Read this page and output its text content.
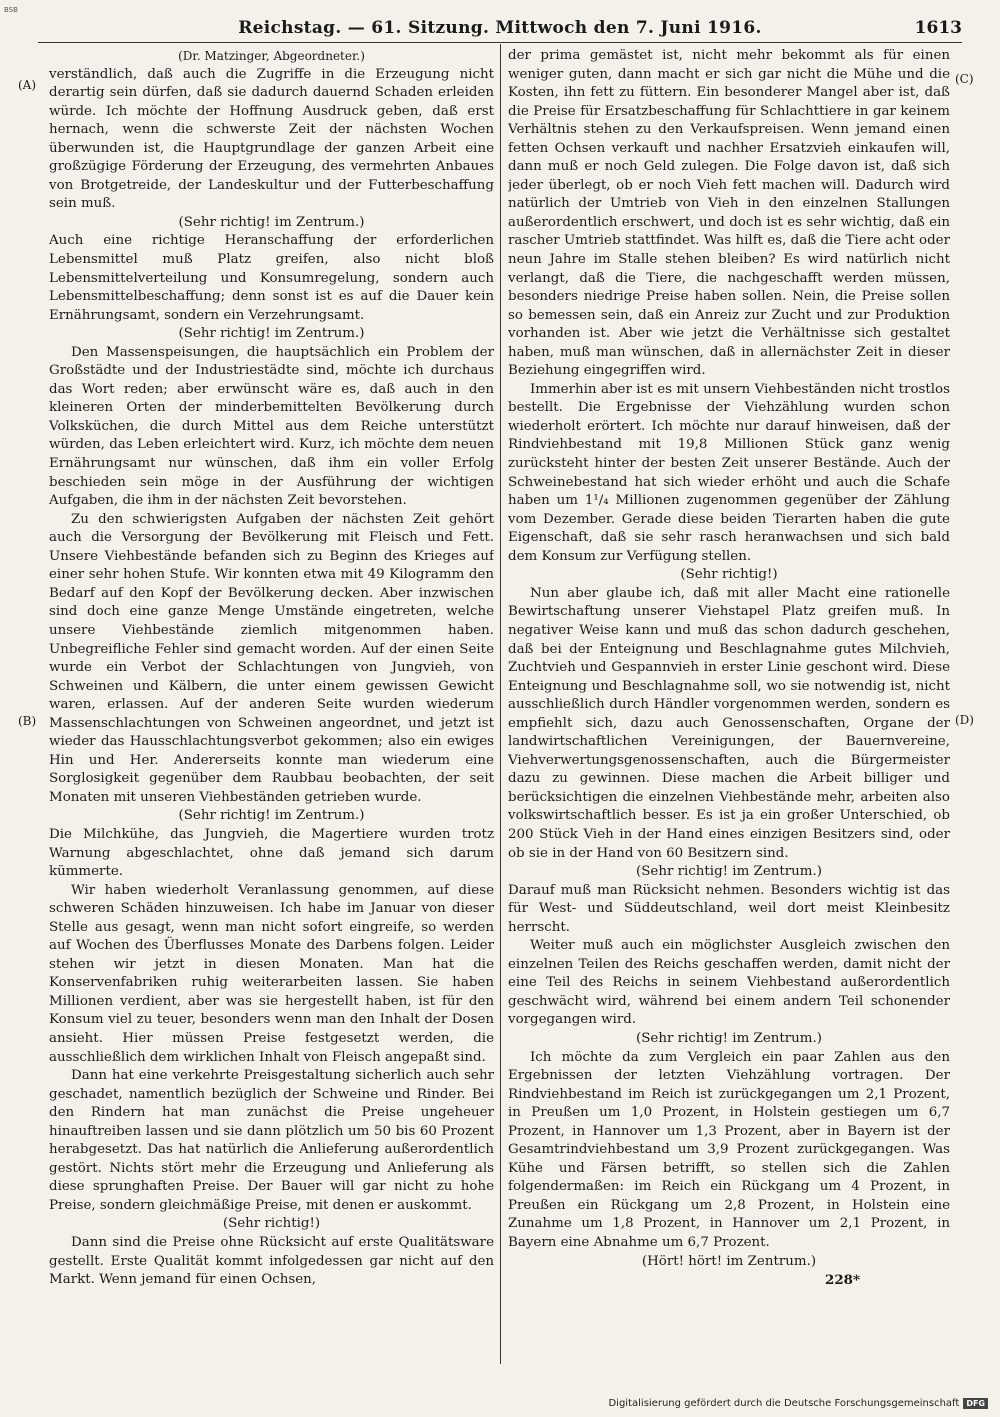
BSB
Reichstag. — 61. Sitzung. Mittwoch den 7. Juni 1916.	1613
(A)
(B)
(C)
(D)

(Dr. Matzinger, Abgeordneter.)

verständlich, daß auch die Zugriffe in die Erzeugung nicht derartig sein dürfen, daß sie dadurch dauernd Schaden erleiden würde. Ich möchte der Hoffnung Ausdruck geben, daß erst hernach, wenn die schwerste Zeit der nächsten Wochen überwunden ist, die Hauptgrundlage der ganzen Arbeit eine großzügige Förderung der Erzeugung, des vermehrten Anbaues von Brotgetreide, der Landeskultur und der Futterbeschaffung sein muß.

(Sehr richtig! im Zentrum.)

Auch eine richtige Heranschaffung der erforderlichen Lebensmittel muß Platz greifen, also nicht bloß Lebensmittelverteilung und Konsumregelung, sondern auch Lebensmittelbeschaffung; denn sonst ist es auf die Dauer kein Ernährungsamt, sondern ein Verzehrungsamt.

(Sehr richtig! im Zentrum.)

Den Massenspeisungen, die hauptsächlich ein Problem der Großstädte und der Industriestädte sind, möchte ich durchaus das Wort reden; aber erwünscht wäre es, daß auch in den kleineren Orten der minderbemittelten Bevölkerung durch Volksküchen, die durch Mittel aus dem Reiche unterstützt würden, das Leben erleichtert wird. Kurz, ich möchte dem neuen Ernährungsamt nur wünschen, daß ihm ein voller Erfolg beschieden sein möge in der Ausführung der wichtigen Aufgaben, die ihm in der nächsten Zeit bevorstehen.

Zu den schwierigsten Aufgaben der nächsten Zeit gehört auch die Versorgung der Bevölkerung mit Fleisch und Fett. Unsere Viehbestände befanden sich zu Beginn des Krieges auf einer sehr hohen Stufe. Wir konnten etwa mit 49 Kilogramm den Bedarf auf den Kopf der Bevölkerung decken. Aber inzwischen sind doch eine ganze Menge Umstände eingetreten, welche unsere Viehbestände ziemlich mitgenommen haben. Unbegreifliche Fehler sind gemacht worden. Auf der einen Seite wurde ein Verbot der Schlachtungen von Jungvieh, von Schweinen und Kälbern, die unter einem gewissen Gewicht waren, erlassen. Auf der anderen Seite wurden wiederum Massenschlachtungen von Schweinen angeordnet, und jetzt ist wieder das Hausschlachtungsverbot gekommen; also ein ewiges Hin und Her. Andererseits konnte man wiederum eine Sorglosigkeit gegenüber dem Raubbau beobachten, der seit Monaten mit unseren Viehbeständen getrieben wurde.

(Sehr richtig! im Zentrum.)

Die Milchkühe, das Jungvieh, die Magertiere wurden trotz Warnung abgeschlachtet, ohne daß jemand sich darum kümmerte.

Wir haben wiederholt Veranlassung genommen, auf diese schweren Schäden hinzuweisen. Ich habe im Januar von dieser Stelle aus gesagt, wenn man nicht sofort eingreife, so werden auf Wochen des Überflusses Monate des Darbens folgen. Leider stehen wir jetzt in diesen Monaten. Man hat die Konservenfabriken ruhig weiterarbeiten lassen. Sie haben Millionen verdient, aber was sie hergestellt haben, ist für den Konsum viel zu teuer, besonders wenn man den Inhalt der Dosen ansieht. Hier müssen Preise festgesetzt werden, die ausschließlich dem wirklichen Inhalt von Fleisch angepaßt sind.

Dann hat eine verkehrte Preisgestaltung sicherlich auch sehr geschadet, namentlich bezüglich der Schweine und Rinder. Bei den Rindern hat man zunächst die Preise ungeheuer hinauftreiben lassen und sie dann plötzlich um 50 bis 60 Prozent herabgesetzt. Das hat natürlich die Anlieferung außerordentlich gestört. Nichts stört mehr die Erzeugung und Anlieferung als diese sprunghaften Preise. Der Bauer will gar nicht zu hohe Preise, sondern gleichmäßige Preise, mit denen er auskommt.

(Sehr richtig!)

Dann sind die Preise ohne Rücksicht auf erste Qualitätsware gestellt. Erste Qualität kommt infolgedessen gar nicht auf den Markt. Wenn jemand für einen Ochsen,

der prima gemästet ist, nicht mehr bekommt als für einen weniger guten, dann macht er sich gar nicht die Mühe und die Kosten, ihn fett zu füttern. Ein besonderer Mangel aber ist, daß die Preise für Ersatzbeschaffung für Schlachttiere in gar keinem Verhältnis stehen zu den Verkaufspreisen. Wenn jemand einen fetten Ochsen verkauft und nachher Ersatzvieh einkaufen will, dann muß er noch Geld zulegen. Die Folge davon ist, daß sich jeder überlegt, ob er noch Vieh fett machen will. Dadurch wird natürlich der Umtrieb von Vieh in den einzelnen Stallungen außerordentlich erschwert, und doch ist es sehr wichtig, daß ein rascher Umtrieb stattfindet. Was hilft es, daß die Tiere acht oder neun Jahre im Stalle stehen bleiben? Es wird natürlich nicht verlangt, daß die Tiere, die nachgeschafft werden müssen, besonders niedrige Preise haben sollen. Nein, die Preise sollen so bemessen sein, daß ein Anreiz zur Zucht und zur Produktion vorhanden ist. Aber wie jetzt die Verhältnisse sich gestaltet haben, muß man wünschen, daß in allernächster Zeit in dieser Beziehung eingegriffen wird.

Immerhin aber ist es mit unsern Viehbeständen nicht trostlos bestellt. Die Ergebnisse der Viehzählung wurden schon wiederholt erörtert. Ich möchte nur darauf hinweisen, daß der Rindviehbestand mit 19,8 Millionen Stück ganz wenig zurücksteht hinter der besten Zeit unserer Bestände. Auch der Schweinebestand hat sich wieder erhöht und auch die Schafe haben um 1¹/₄ Millionen zugenommen gegenüber der Zählung vom Dezember. Gerade diese beiden Tierarten haben die gute Eigenschaft, daß sie sehr rasch heranwachsen und sich bald dem Konsum zur Verfügung stellen.

(Sehr richtig!)

Nun aber glaube ich, daß mit aller Macht eine rationelle Bewirtschaftung unserer Viehstapel Platz greifen muß. In negativer Weise kann und muß das schon dadurch geschehen, daß bei der Enteignung und Beschlagnahme gutes Milchvieh, Zuchtvieh und Gespannvieh in erster Linie geschont wird. Diese Enteignung und Beschlagnahme soll, wo sie notwendig ist, nicht ausschließlich durch Händler vorgenommen werden, sondern es empfiehlt sich, dazu auch Genossenschaften, Organe der landwirtschaftlichen Vereinigungen, der Bauernvereine, Viehverwertungsgenossenschaften, auch die Bürgermeister dazu zu gewinnen. Diese machen die Arbeit billiger und berücksichtigen die einzelnen Viehbestände mehr, arbeiten also volkswirtschaftlich besser. Es ist ja ein großer Unterschied, ob 200 Stück Vieh in der Hand eines einzigen Besitzers sind, oder ob sie in der Hand von 60 Besitzern sind.

(Sehr richtig! im Zentrum.)

Darauf muß man Rücksicht nehmen. Besonders wichtig ist das für West- und Süddeutschland, weil dort meist Kleinbesitz herrscht.

Weiter muß auch ein möglichster Ausgleich zwischen den einzelnen Teilen des Reichs geschaffen werden, damit nicht der eine Teil des Reichs in seinem Viehbestand außerordentlich geschwächt wird, während bei einem andern Teil schonender vorgegangen wird.

(Sehr richtig! im Zentrum.)

Ich möchte da zum Vergleich ein paar Zahlen aus den Ergebnissen der letzten Viehzählung vortragen. Der Rindviehbestand im Reich ist zurückgegangen um 2,1 Prozent, in Preußen um 1,0 Prozent, in Holstein gestiegen um 6,7 Prozent, in Hannover um 1,3 Prozent, aber in Bayern ist der Gesamtrindviehbestand um 3,9 Prozent zurückgegangen. Was Kühe und Färsen betrifft, so stellen sich die Zahlen folgendermaßen: im Reich ein Rückgang um 4 Prozent, in Preußen ein Rückgang um 2,8 Prozent, in Holstein eine Zunahme um 1,8 Prozent, in Hannover um 2,1 Prozent, in Bayern eine Abnahme um 6,7 Prozent.

(Hört! hört! im Zentrum.)

228*

Digitalisierung gefördert durch die Deutsche Forschungsgemeinschaft DFG
